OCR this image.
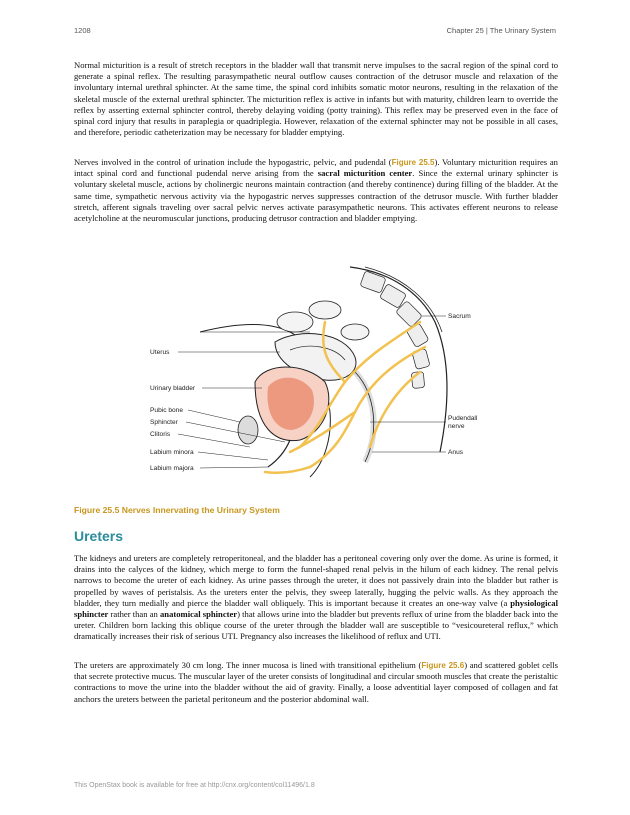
1208	Chapter 25 | The Urinary System

Normal micturition is a result of stretch receptors in the bladder wall that transmit nerve impulses to the sacral region of the spinal cord to generate a spinal reflex. The resulting parasympathetic neural outflow causes contraction of the detrusor muscle and relaxation of the involuntary internal urethral sphincter. At the same time, the spinal cord inhibits somatic motor neurons, resulting in the relaxation of the skeletal muscle of the external urethral sphincter. The micturition reflex is active in infants but with maturity, children learn to override the reflex by asserting external sphincter control, thereby delaying voiding (potty training). This reflex may be preserved even in the face of spinal cord injury that results in paraplegia or quadriplegia. However, relaxation of the external sphincter may not be possible in all cases, and therefore, periodic catheterization may be necessary for bladder emptying.

Nerves involved in the control of urination include the hypogastric, pelvic, and pudendal (Figure 25.5). Voluntary micturition requires an intact spinal cord and functional pudendal nerve arising from the sacral micturition center. Since the external urinary sphincter is voluntary skeletal muscle, actions by cholinergic neurons maintain contraction (and thereby continence) during filling of the bladder. At the same time, sympathetic nervous activity via the hypogastric nerves suppresses contraction of the detrusor muscle. With further bladder stretch, afferent signals traveling over sacral pelvic nerves activate parasympathetic neurons. This activates efferent neurons to release acetylcholine at the neuromuscular junctions, producing detrusor contraction and bladder emptying.

Uterus
Urinary bladder
Pubic bone
Sphincter
Clitoris
Labium minora
Labium majora
Sacrum
Pudendall
nerve
Anus
Figure 25.5 Nerves Innervating the Urinary System
Ureters

The kidneys and ureters are completely retroperitoneal, and the bladder has a peritoneal covering only over the dome. As urine is formed, it drains into the calyces of the kidney, which merge to form the funnel-shaped renal pelvis in the hilum of each kidney. The renal pelvis narrows to become the ureter of each kidney. As urine passes through the ureter, it does not passively drain into the bladder but rather is propelled by waves of peristalsis. As the ureters enter the pelvis, they sweep laterally, hugging the pelvic walls. As they approach the bladder, they turn medially and pierce the bladder wall obliquely. This is important because it creates an one-way valve (a physiological sphincter rather than an anatomical sphincter) that allows urine into the bladder but prevents reflux of urine from the bladder back into the ureter. Children born lacking this oblique course of the ureter through the bladder wall are susceptible to “vesicoureteral reflux,” which dramatically increases their risk of serious UTI. Pregnancy also increases the likelihood of reflux and UTI.

The ureters are approximately 30 cm long. The inner mucosa is lined with transitional epithelium (Figure 25.6) and scattered goblet cells that secrete protective mucus. The muscular layer of the ureter consists of longitudinal and circular smooth muscles that create the peristaltic contractions to move the urine into the bladder without the aid of gravity. Finally, a loose adventitial layer composed of collagen and fat anchors the ureters between the parietal peritoneum and the posterior abdominal wall.

This OpenStax book is available for free at http://cnx.org/content/col11496/1.8
